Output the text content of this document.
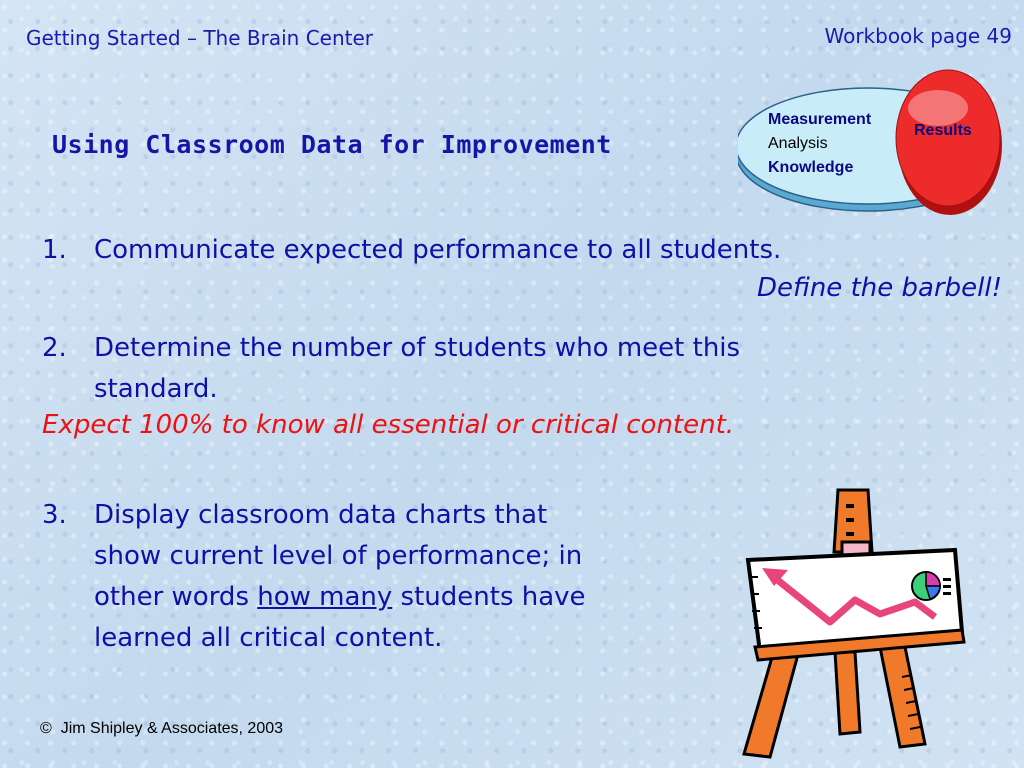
Getting Started – The Brain Center	Workbook page 49
Using Classroom Data for Improvement
Measurement
Analysis
Knowledge
Results
1. Communicate expected performance to all students.
Define the barbell!
2. Determine the number of students who meet this
standard.
Expect 100% to know all essential or critical content.
3. Display classroom data charts that
show current level of performance; in
other words how many students have
learned all critical content.
© Jim Shipley & Associates, 2003
